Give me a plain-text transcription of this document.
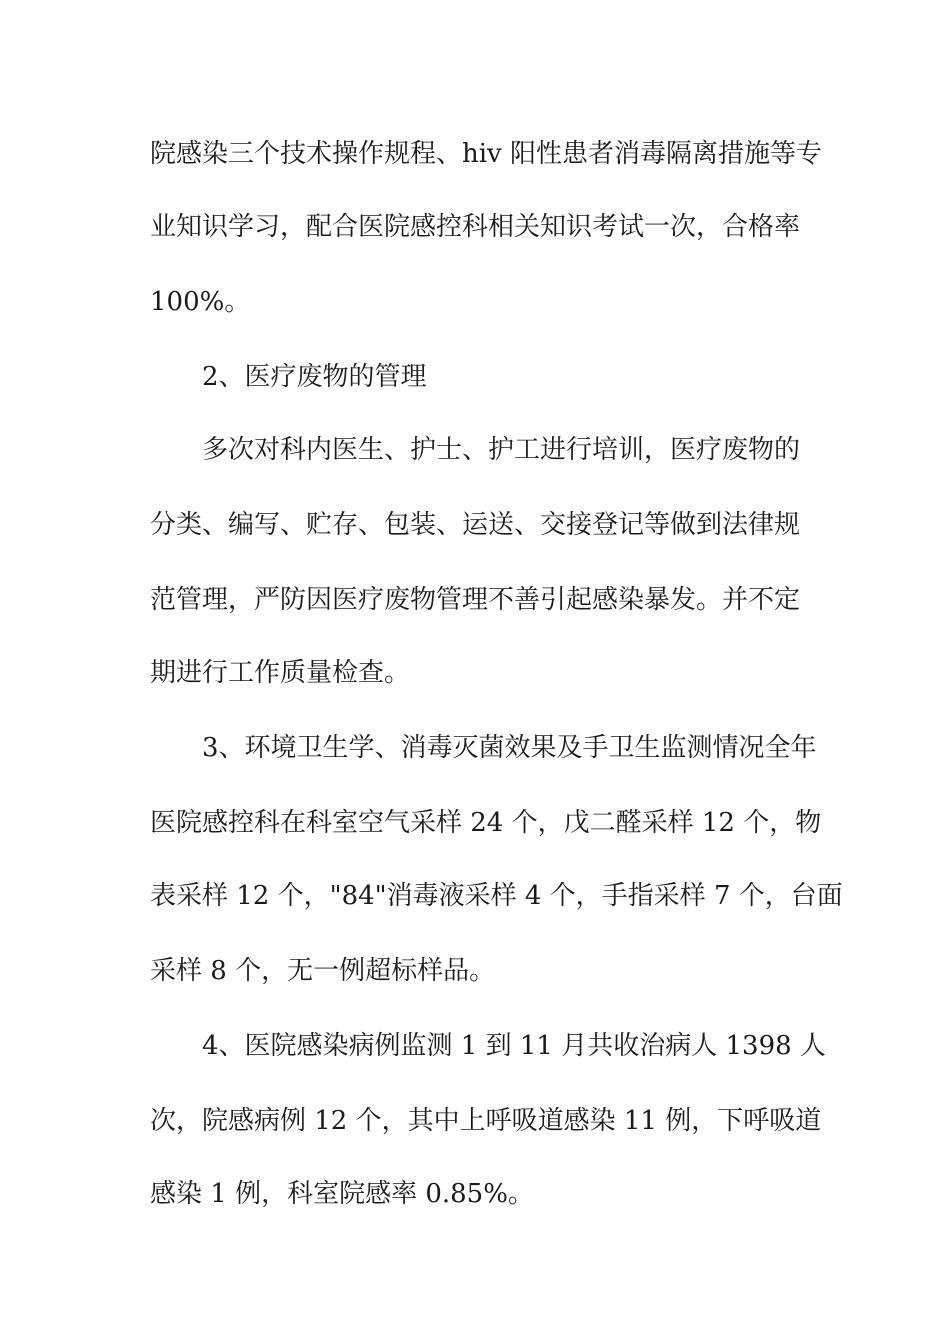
院感染三个技术操作规程、hiv 阳性患者消毒隔离措施等专
业知识学习，配合医院感控科相关知识考试一次，合格率
100%。
2、医疗废物的管理
多次对科内医生、护士、护工进行培训，医疗废物的
分类、编写、贮存、包装、运送、交接登记等做到法律规
范管理，严防因医疗废物管理不善引起感染暴发。并不定
期进行工作质量检查。
3、环境卫生学、消毒灭菌效果及手卫生监测情况全年
医院感控科在科室空气采样 24 个，戊二醛采样 12 个，物
表采样 12 个，"84"消毒液采样 4 个，手指采样 7 个，台面
采样 8 个，无一例超标样品。
4、医院感染病例监测 1 到 11 月共收治病人 1398 人
次，院感病例 12 个，其中上呼吸道感染 11 例，下呼吸道
感染 1 例，科室院感率 0.85%。
